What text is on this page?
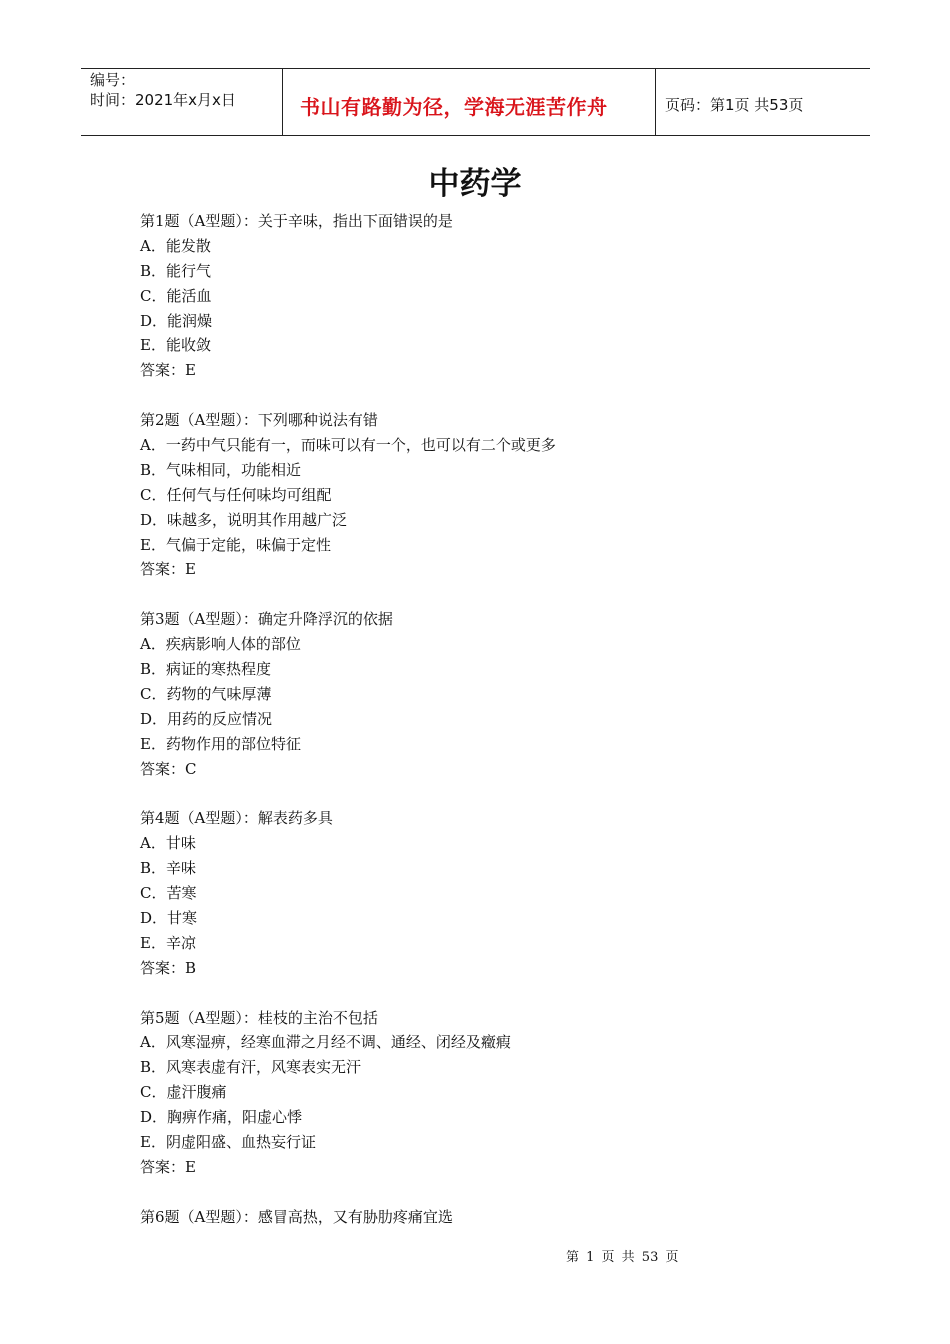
编号：
时间：2021年x月x日	书山有路勤为径，学海无涯苦作舟	页码：第1页 共53页
中药学
第1题（A型题）：关于辛味，指出下面错误的是
A．能发散
B．能行气
C．能活血
D．能润燥
E．能收敛
答案：E
第2题（A型题）：下列哪种说法有错
A．一药中气只能有一，而味可以有一个，也可以有二个或更多
B．气味相同，功能相近
C．任何气与任何味均可组配
D．味越多，说明其作用越广泛
E．气偏于定能，味偏于定性
答案：E
第3题（A型题）：确定升降浮沉的依据
A．疾病影响人体的部位
B．病证的寒热程度
C．药物的气味厚薄
D．用药的反应情况
E．药物作用的部位特征
答案：C
第4题（A型题）：解表药多具
A．甘味
B．辛味
C．苦寒
D．甘寒
E．辛凉
答案：B
第5题（A型题）：桂枝的主治不包括
A．风寒湿痹，经寒血滞之月经不调、通经、闭经及癥瘕
B．风寒表虚有汗，风寒表实无汗
C．虚汗腹痛
D．胸痹作痛，阳虚心悸
E．阴虚阳盛、血热妄行证
答案：E
第6题（A型题）：感冒高热，又有胁肋疼痛宜选
第 1 页 共 53 页
